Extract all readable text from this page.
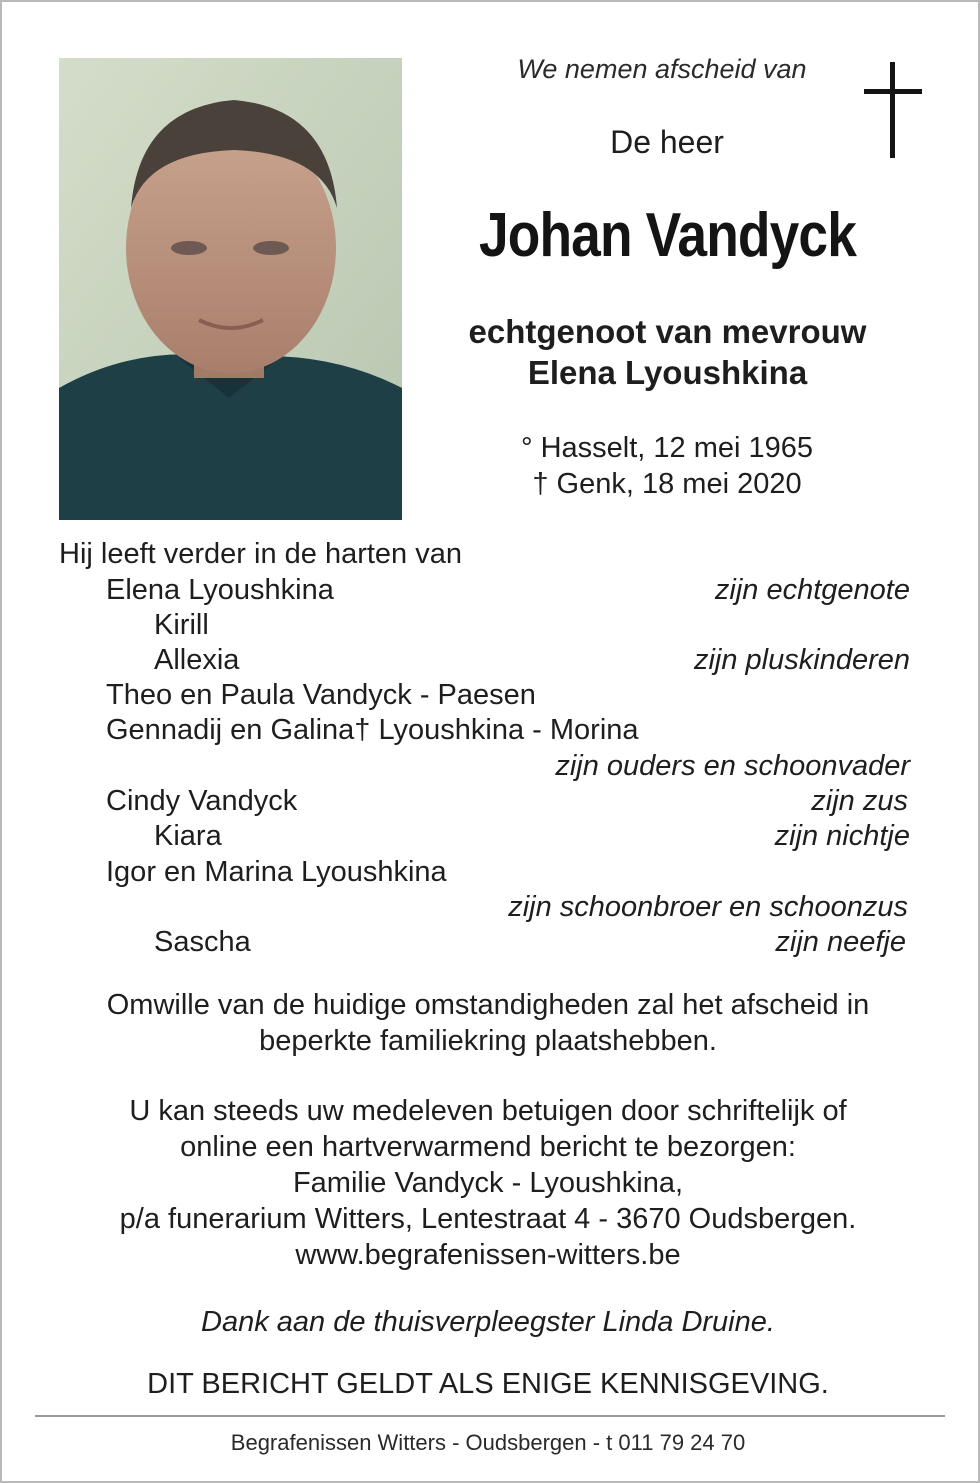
We nemen afscheid van
De heer
Johan Vandyck
echtgenoot van mevrouw
Elena Lyoushkina
° Hasselt, 12 mei 1965
† Genk, 18 mei 2020
Hij leeft verder in de harten van
Elena Lyoushkina	zijn echtgenote
Kirill
Allexia	zijn pluskinderen
Theo en Paula Vandyck - Paesen
Gennadij en Galina† Lyoushkina - Morina
zijn ouders en schoonvader
Cindy Vandyck	zijn zus
Kiara	zijn nichtje
Igor en Marina Lyoushkina
zijn schoonbroer en schoonzus
Sascha	zijn neefje
Omwille van de huidige omstandigheden zal het afscheid in
beperkte familiekring plaatshebben.
U kan steeds uw medeleven betuigen door schriftelijk of
online een hartverwarmend bericht te bezorgen:
Familie Vandyck - Lyoushkina,
p/a funerarium Witters, Lentestraat 4 - 3670 Oudsbergen.
www.begrafenissen-witters.be
Dank aan de thuisverpleegster Linda Druine.
DIT BERICHT GELDT ALS ENIGE KENNISGEVING.
Begrafenissen Witters - Oudsbergen - t 011 79 24 70
